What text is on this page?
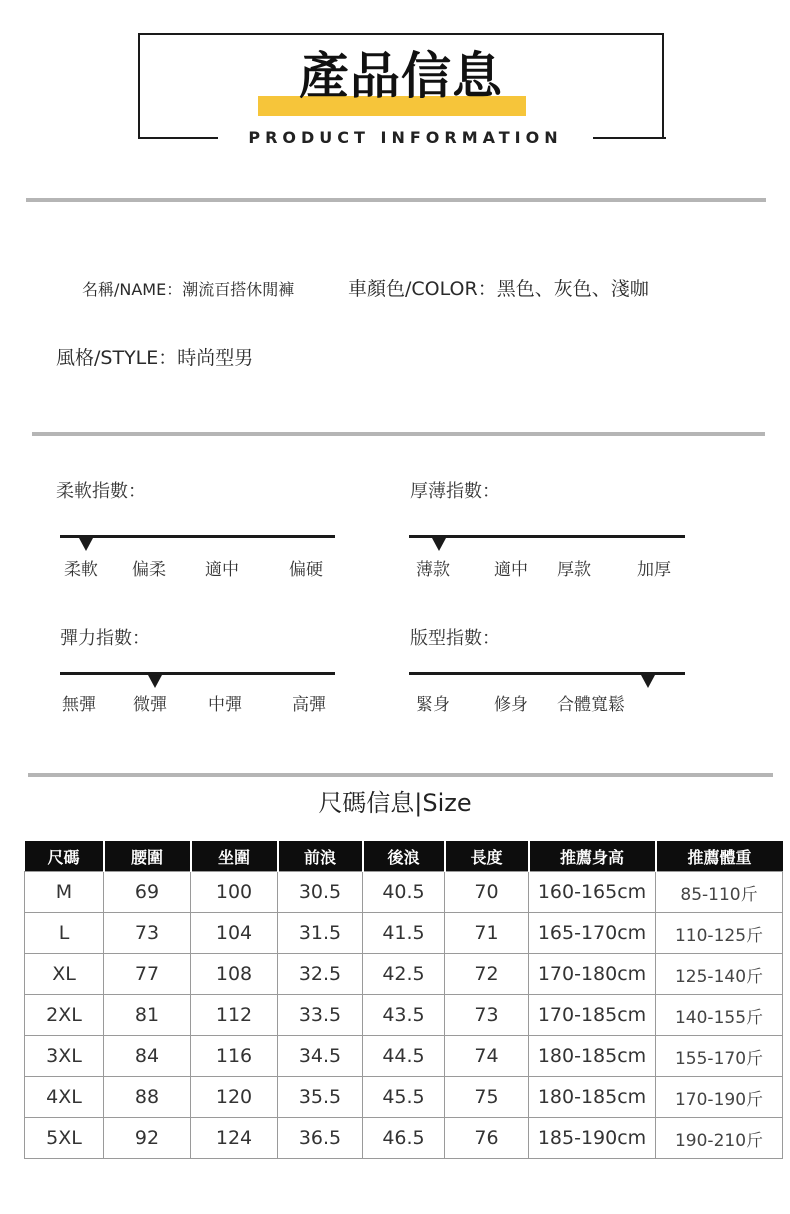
產品信息
PRODUCT INFORMATION
名稱/NAME：潮流百搭休閒褲	車顏色/COLOR：黑色、灰色、淺咖
風格/STYLE：時尚型男
柔軟指數：
柔軟 偏柔 適中	偏硬
厚薄指數：
薄款	適中 厚款	加厚
彈力指數：
無彈 微彈 中彈	高彈
版型指數：
緊身	修身 合體寬鬆
尺碼信息|Size
尺碼	腰圍	坐圍	前浪	後浪	長度	推薦身高	推薦體重
M	69	100	30.5	40.5	70	160-165cm	85-110斤
L	73	104	31.5	41.5	71	165-170cm	110-125斤
XL	77	108	32.5	42.5	72	170-180cm	125-140斤
2XL	81	112	33.5	43.5	73	170-185cm	140-155斤
3XL	84	116	34.5	44.5	74	180-185cm	155-170斤
4XL	88	120	35.5	45.5	75	180-185cm	170-190斤
5XL	92	124	36.5	46.5	76	185-190cm	190-210斤
